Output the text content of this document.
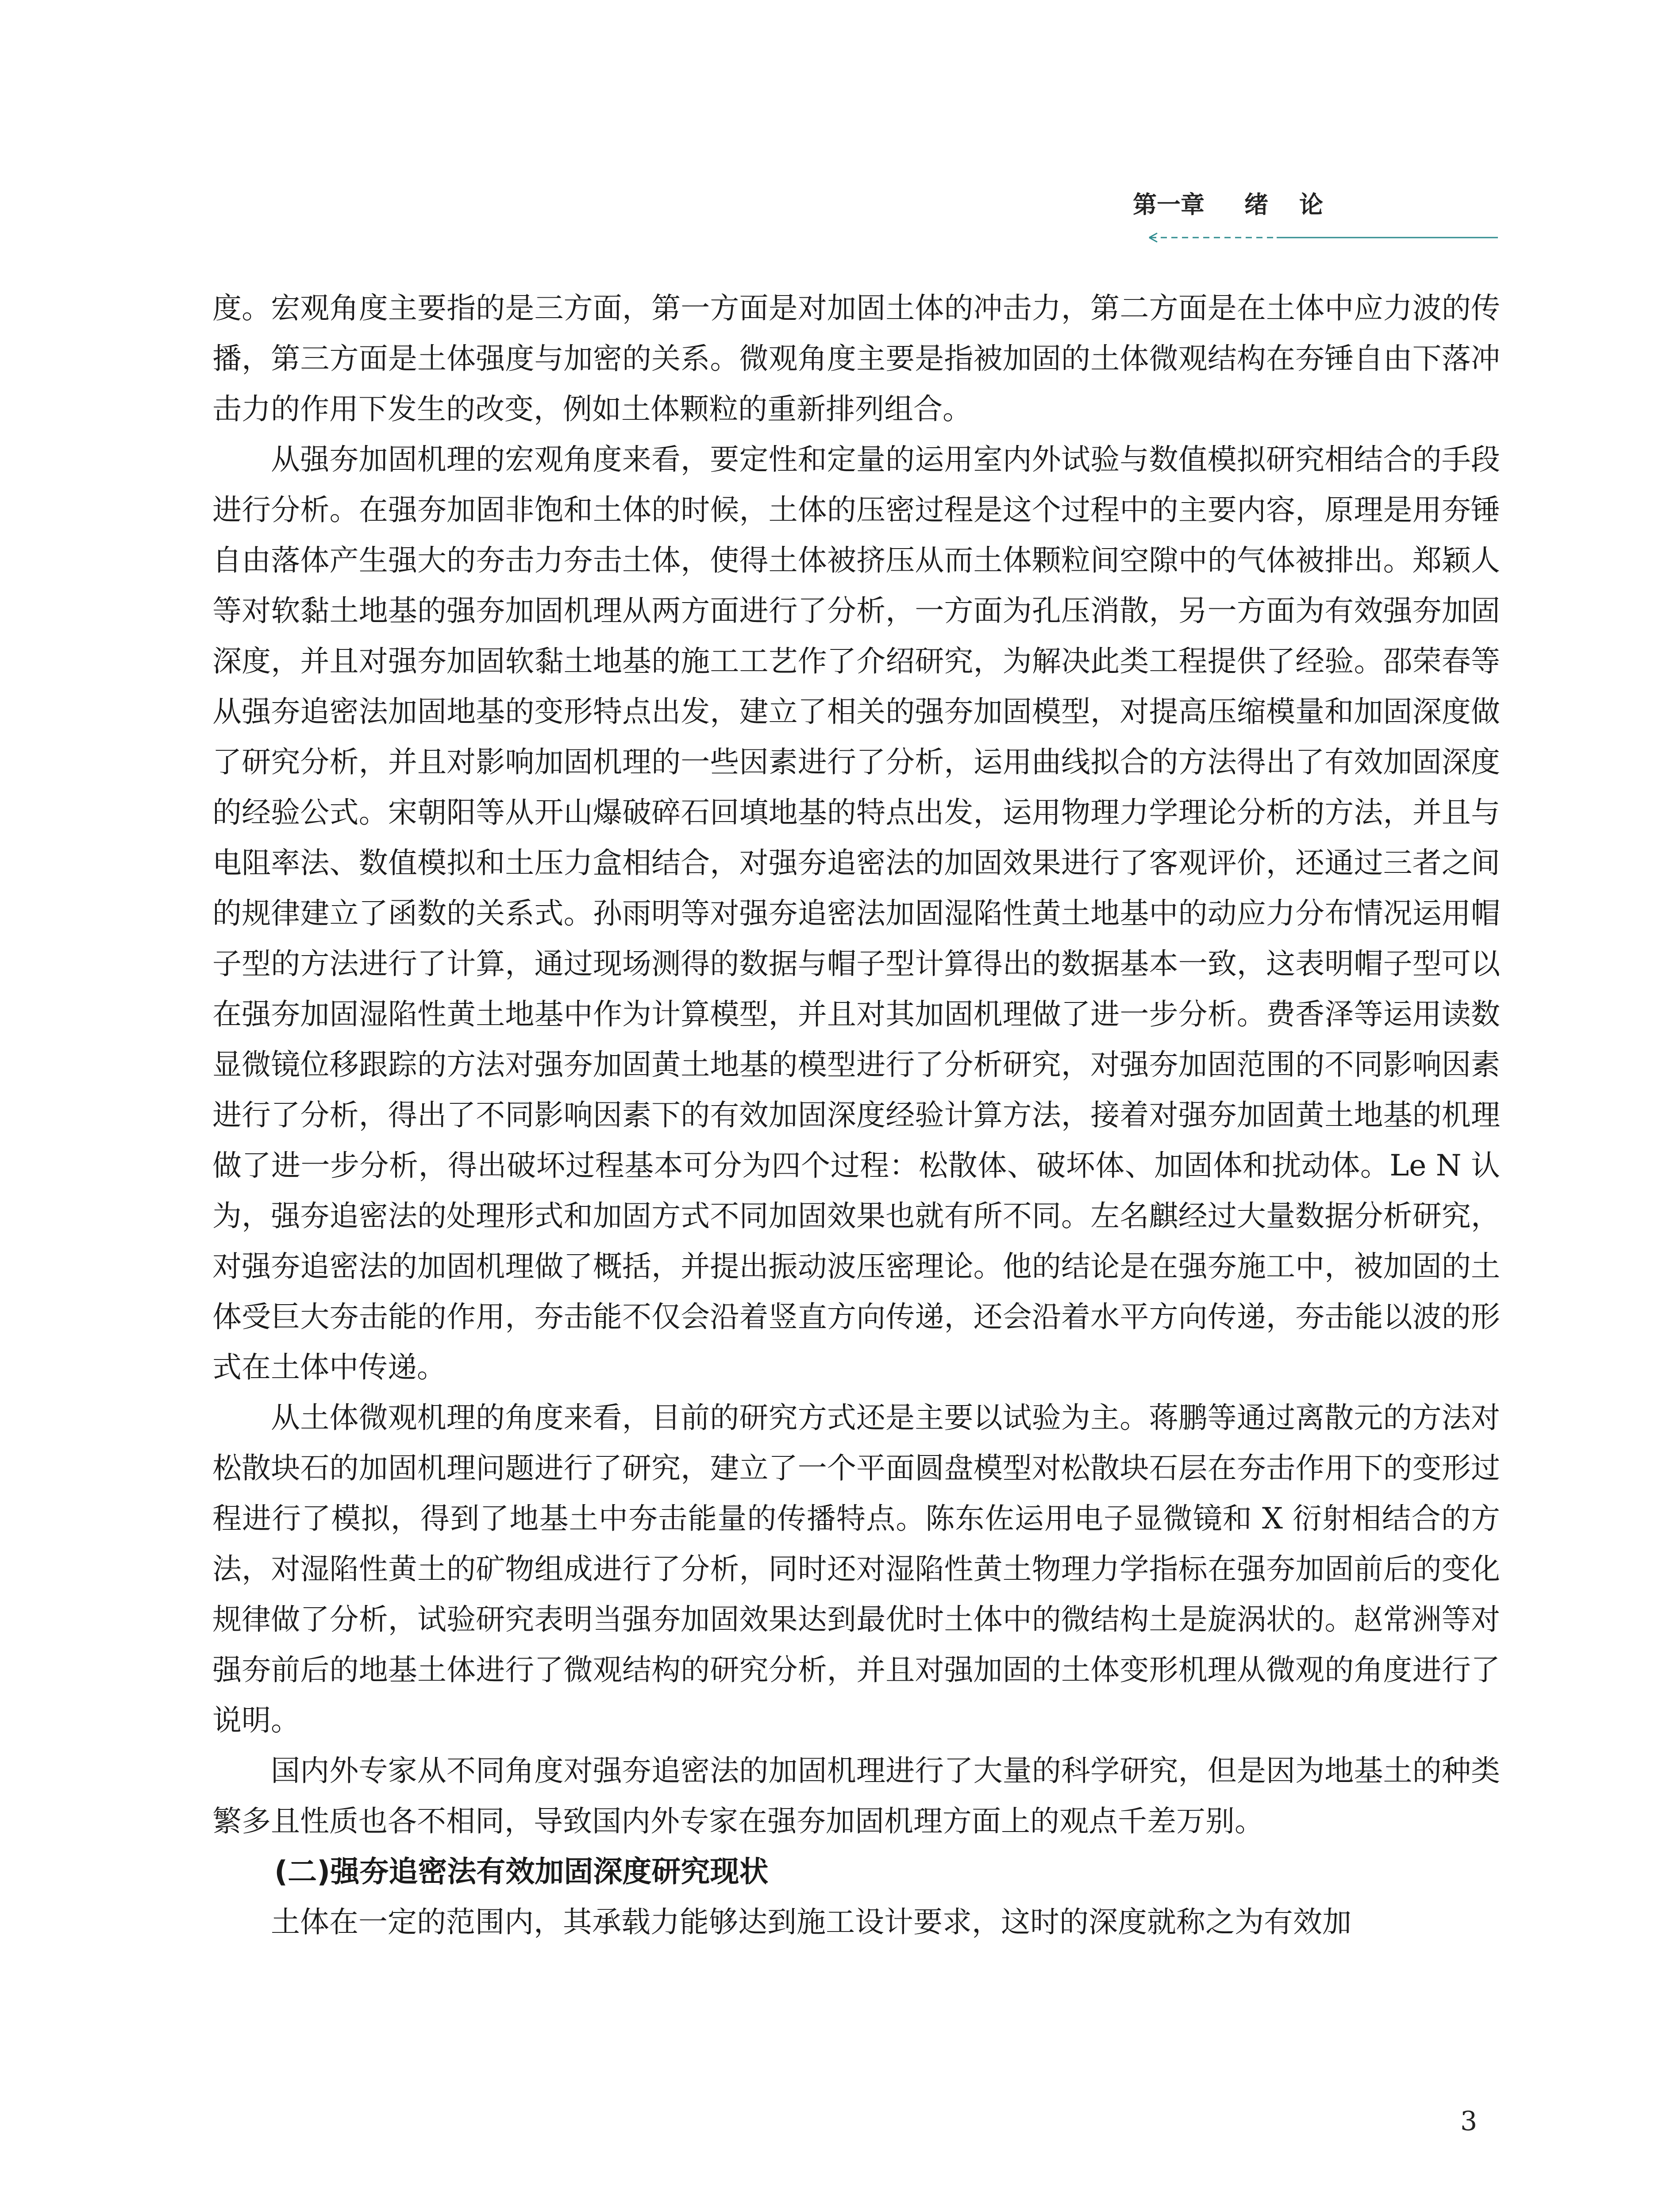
第一章 绪论

度。宏观角度主要指的是三方面，第一方面是对加固土体的冲击力，第二方面是在土体中应力波的传播，第三方面是土体强度与加密的关系。微观角度主要是指被加固的土体微观结构在夯锤自由下落冲击力的作用下发生的改变，例如土体颗粒的重新排列组合。

从强夯加固机理的宏观角度来看，要定性和定量的运用室内外试验与数值模拟研究相结合的手段进行分析。在强夯加固非饱和土体的时候，土体的压密过程是这个过程中的主要内容，原理是用夯锤自由落体产生强大的夯击力夯击土体，使得土体被挤压从而土体颗粒间空隙中的气体被排出。郑颖人等对软黏土地基的强夯加固机理从两方面进行了分析，一方面为孔压消散，另一方面为有效强夯加固深度，并且对强夯加固软黏土地基的施工工艺作了介绍研究，为解决此类工程提供了经验。邵荣春等从强夯追密法加固地基的变形特点出发，建立了相关的强夯加固模型，对提高压缩模量和加固深度做了研究分析，并且对影响加固机理的一些因素进行了分析，运用曲线拟合的方法得出了有效加固深度的经验公式。宋朝阳等从开山爆破碎石回填地基的特点出发，运用物理力学理论分析的方法，并且与电阻率法、数值模拟和土压力盒相结合，对强夯追密法的加固效果进行了客观评价，还通过三者之间的规律建立了函数的关系式。孙雨明等对强夯追密法加固湿陷性黄土地基中的动应力分布情况运用帽子型的方法进行了计算，通过现场测得的数据与帽子型计算得出的数据基本一致，这表明帽子型可以在强夯加固湿陷性黄土地基中作为计算模型，并且对其加固机理做了进一步分析。费香泽等运用读数显微镜位移跟踪的方法对强夯加固黄土地基的模型进行了分析研究，对强夯加固范围的不同影响因素进行了分析，得出了不同影响因素下的有效加固深度经验计算方法，接着对强夯加固黄土地基的机理做了进一步分析，得出破坏过程基本可分为四个过程：松散体、破坏体、加固体和扰动体。Le N 认为，强夯追密法的处理形式和加固方式不同加固效果也就有所不同。左名麒经过大量数据分析研究，对强夯追密法的加固机理做了概括，并提出振动波压密理论。他的结论是在强夯施工中，被加固的土体受巨大夯击能的作用，夯击能不仅会沿着竖直方向传递，还会沿着水平方向传递，夯击能以波的形式在土体中传递。

从土体微观机理的角度来看，目前的研究方式还是主要以试验为主。蒋鹏等通过离散元的方法对松散块石的加固机理问题进行了研究，建立了一个平面圆盘模型对松散块石层在夯击作用下的变形过程进行了模拟，得到了地基土中夯击能量的传播特点。陈东佐运用电子显微镜和 X 衍射相结合的方法，对湿陷性黄土的矿物组成进行了分析，同时还对湿陷性黄土物理力学指标在强夯加固前后的变化规律做了分析，试验研究表明当强夯加固效果达到最优时土体中的微结构土是旋涡状的。赵常洲等对强夯前后的地基土体进行了微观结构的研究分析，并且对强加固的土体变形机理从微观的角度进行了说明。

国内外专家从不同角度对强夯追密法的加固机理进行了大量的科学研究，但是因为地基土的种类繁多且性质也各不相同，导致国内外专家在强夯加固机理方面上的观点千差万别。

(二)强夯追密法有效加固深度研究现状

土体在一定的范围内，其承载力能够达到施工设计要求，这时的深度就称之为有效加

3
